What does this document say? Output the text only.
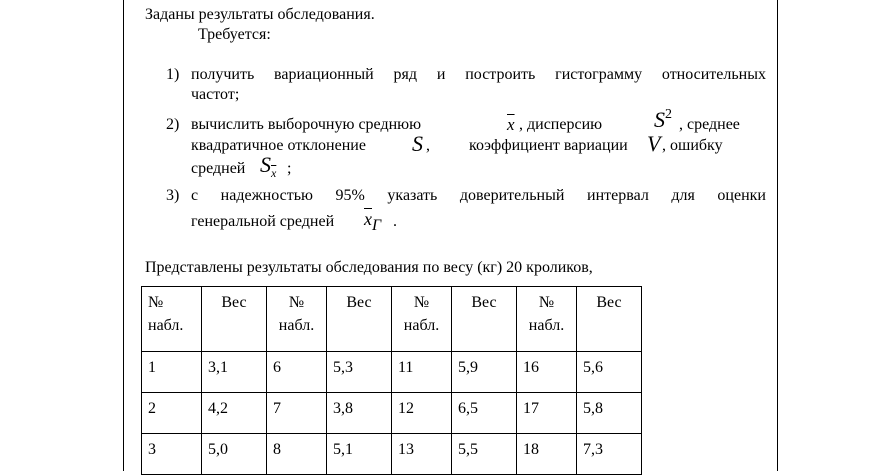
Заданы результаты обследования.
Требуется:
1) получить вариационный ряд и построить гистограмму относительных
частот;
2) вычислить выборочную среднюю	$\overline{x}$ , дисперсию S2
, среднее
квадратичное отклонение S , коэффициент вариации V , ошибку
средней $S_{\overline{x}}$ ;
3) с надежностью 95% указать доверительный интервал для оценки
генеральной средней $\overline{x}Г$ .
Представлены результаты обследования по весу (кг) 20 кроликов,
№
набл.	Вес	№
набл.	Вес	№
набл.	Вес	№
набл.	Вес
1	3,1	6	5,3	11	5,9	16	5,6
2	4,2	7	3,8	12	6,5	17	5,8
3	5,0	8	5,1	13	5,5	18	7,3
